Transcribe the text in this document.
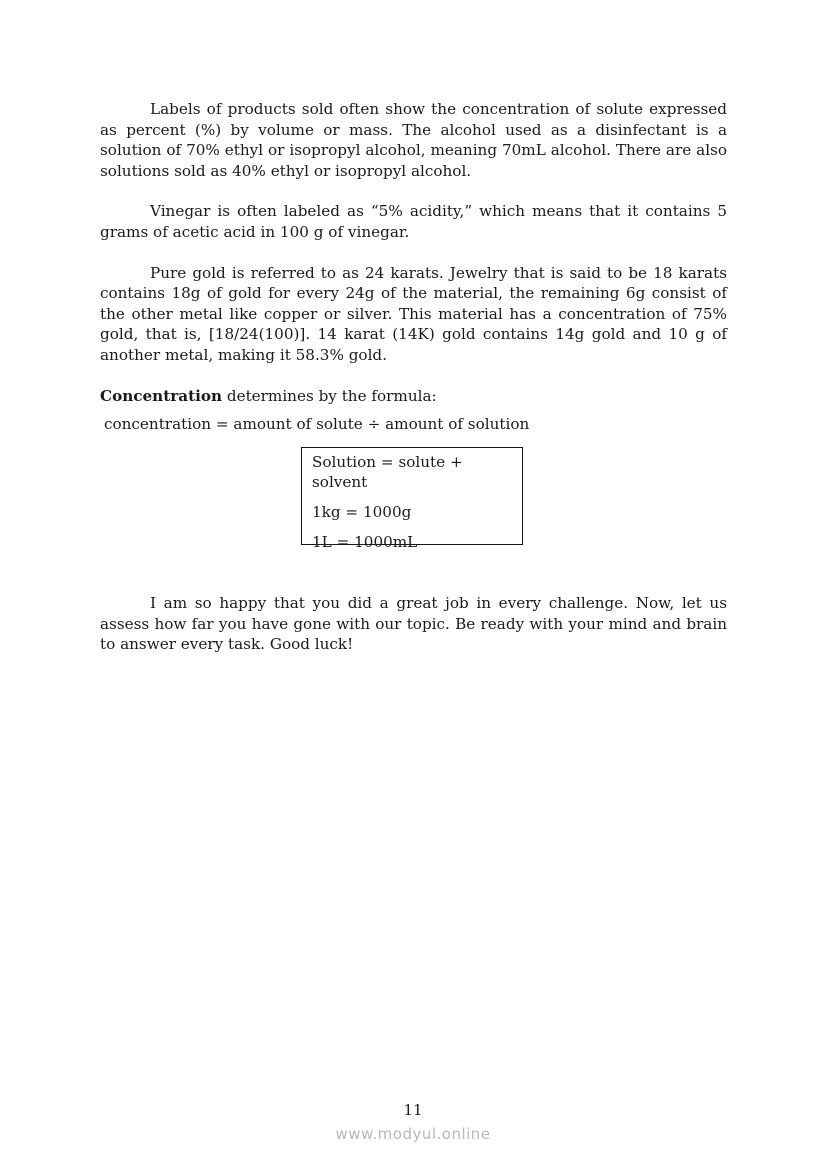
Labels of products sold often show the concentration of solute expressed as percent (%) by volume or mass. The alcohol used as a disinfectant is a solution of 70% ethyl or isopropyl alcohol, meaning 70mL alcohol. There are also solutions sold as 40% ethyl or isopropyl alcohol.

Vinegar is often labeled as “5% acidity,” which means that it contains 5 grams of acetic acid in 100 g of vinegar.

Pure gold is referred to as 24 karats. Jewelry that is said to be 18 karats contains 18g of gold for every 24g of the material, the remaining 6g consist of the other metal like copper or silver. This material has a concentration of 75% gold, that is, [18/24(100)]. 14 karat (14K) gold contains 14g gold and 10 g of another metal, making it 58.3% gold.

Concentration determines by the formula:

concentration = amount of solute ÷ amount of solution

Solution = solute + solvent
1kg = 1000g
1L = 1000mL

I am so happy that you did a great job in every challenge. Now, let us assess how far you have gone with our topic. Be ready with your mind and brain to answer every task. Good luck!

11
www.modyul.online
